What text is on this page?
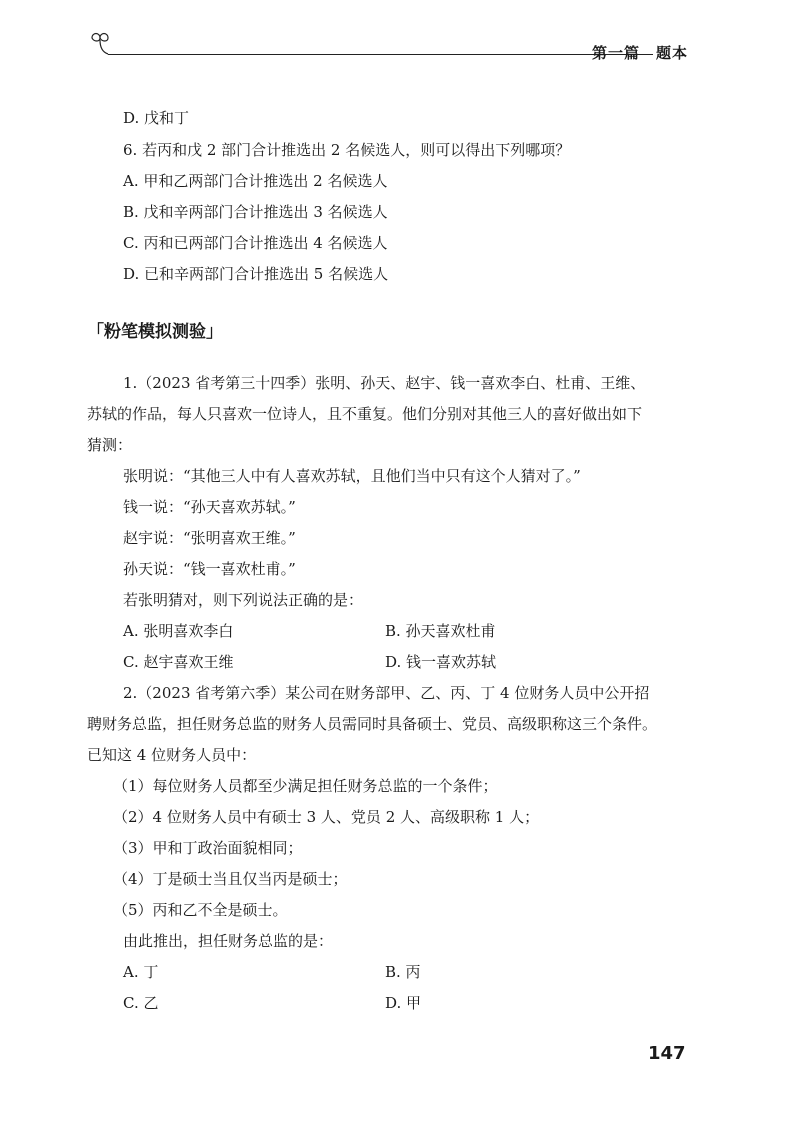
第一篇　题本
D. 戊和丁
6. 若丙和戊 2 部门合计推选出 2 名候选人，则可以得出下列哪项？
A. 甲和乙两部门合计推选出 2 名候选人
B. 戊和辛两部门合计推选出 3 名候选人
C. 丙和已两部门合计推选出 4 名候选人
D. 已和辛两部门合计推选出 5 名候选人
「粉笔模拟测验」
1.（2023 省考第三十四季）张明、孙天、赵宇、钱一喜欢李白、杜甫、王维、
苏轼的作品，每人只喜欢一位诗人，且不重复。他们分别对其他三人的喜好做出如下
猜测：
张明说：“其他三人中有人喜欢苏轼，且他们当中只有这个人猜对了。”
钱一说：“孙天喜欢苏轼。”
赵宇说：“张明喜欢王维。”
孙天说：“钱一喜欢杜甫。”
若张明猜对，则下列说法正确的是：
A. 张明喜欢李白	B. 孙天喜欢杜甫
C. 赵宇喜欢王维	D. 钱一喜欢苏轼
2.（2023 省考第六季）某公司在财务部甲、乙、丙、丁 4 位财务人员中公开招
聘财务总监，担任财务总监的财务人员需同时具备硕士、党员、高级职称这三个条件。
已知这 4 位财务人员中：
（1）每位财务人员都至少满足担任财务总监的一个条件；
（2）4 位财务人员中有硕士 3 人、党员 2 人、高级职称 1 人；
（3）甲和丁政治面貌相同；
（4）丁是硕士当且仅当丙是硕士；
（5）丙和乙不全是硕士。
由此推出，担任财务总监的是：
A. 丁	B. 丙
C. 乙	D. 甲
147
